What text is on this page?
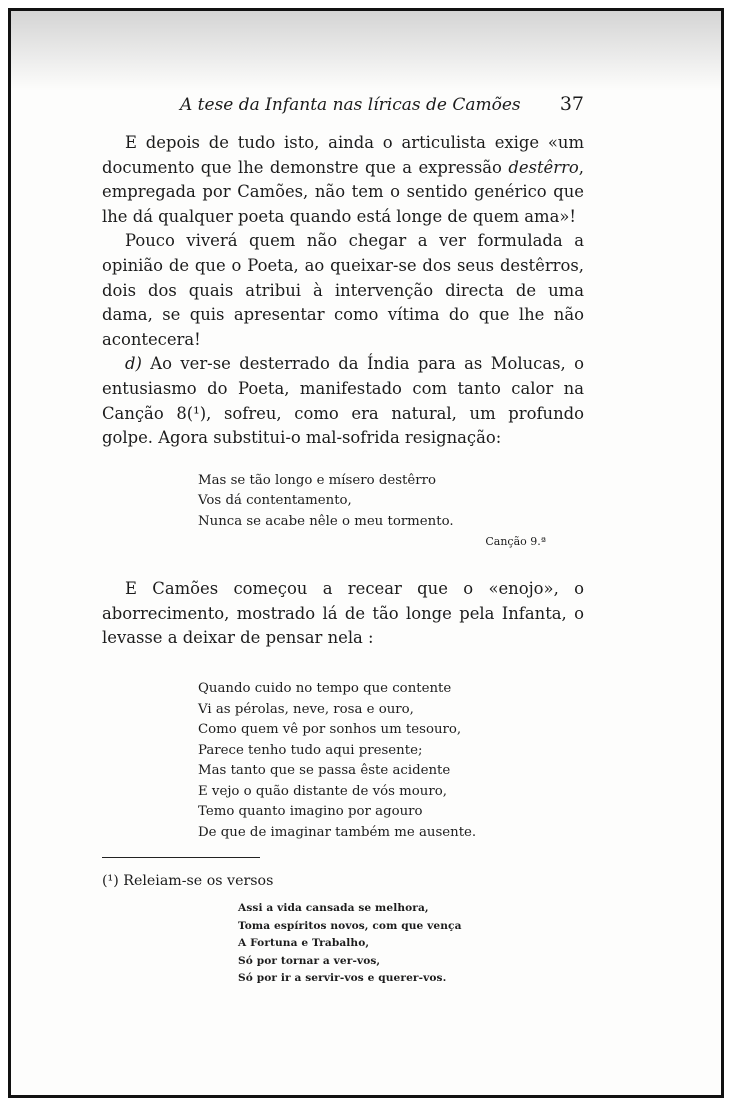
A tese da Infanta nas líricas de Camões 37

E depois de tudo isto, ainda o articulista exige «um documento que lhe demonstre que a expressão destêrro, empregada por Camões, não tem o sentido genérico que lhe dá qualquer poeta quando está longe de quem ama»!

Pouco viverá quem não chegar a ver formulada a opinião de que o Poeta, ao queixar-se dos seus destêrros, dois dos quais atribui à intervenção directa de uma dama, se quis apresentar como vítima do que lhe não acontecera!

d) Ao ver-se desterrado da Índia para as Molucas, o entusiasmo do Poeta, manifestado com tanto calor na Canção 8(¹), sofreu, como era natural, um profundo golpe. Agora substitui-o mal-sofrida resignação:

Mas se tão longo e mísero destêrro
Vos dá contentamento,
Nunca se acabe nêle o meu tormento.
Canção 9.ª

E Camões começou a recear que o «enojo», o aborrecimento, mostrado lá de tão longe pela Infanta, o levasse a deixar de pensar nela :

Quando cuido no tempo que contente
Vi as pérolas, neve, rosa e ouro,
Como quem vê por sonhos um tesouro,
Parece tenho tudo aqui presente;
Mas tanto que se passa êste acidente
E vejo o quão distante de vós mouro,
Temo quanto imagino por agouro
De que de imaginar também me ausente.
(¹) Releiam-se os versos
Assi a vida cansada se melhora,
Toma espíritos novos, com que vença
A Fortuna e Trabalho,
Só por tornar a ver-vos,
Só por ir a servir-vos e querer-vos.
